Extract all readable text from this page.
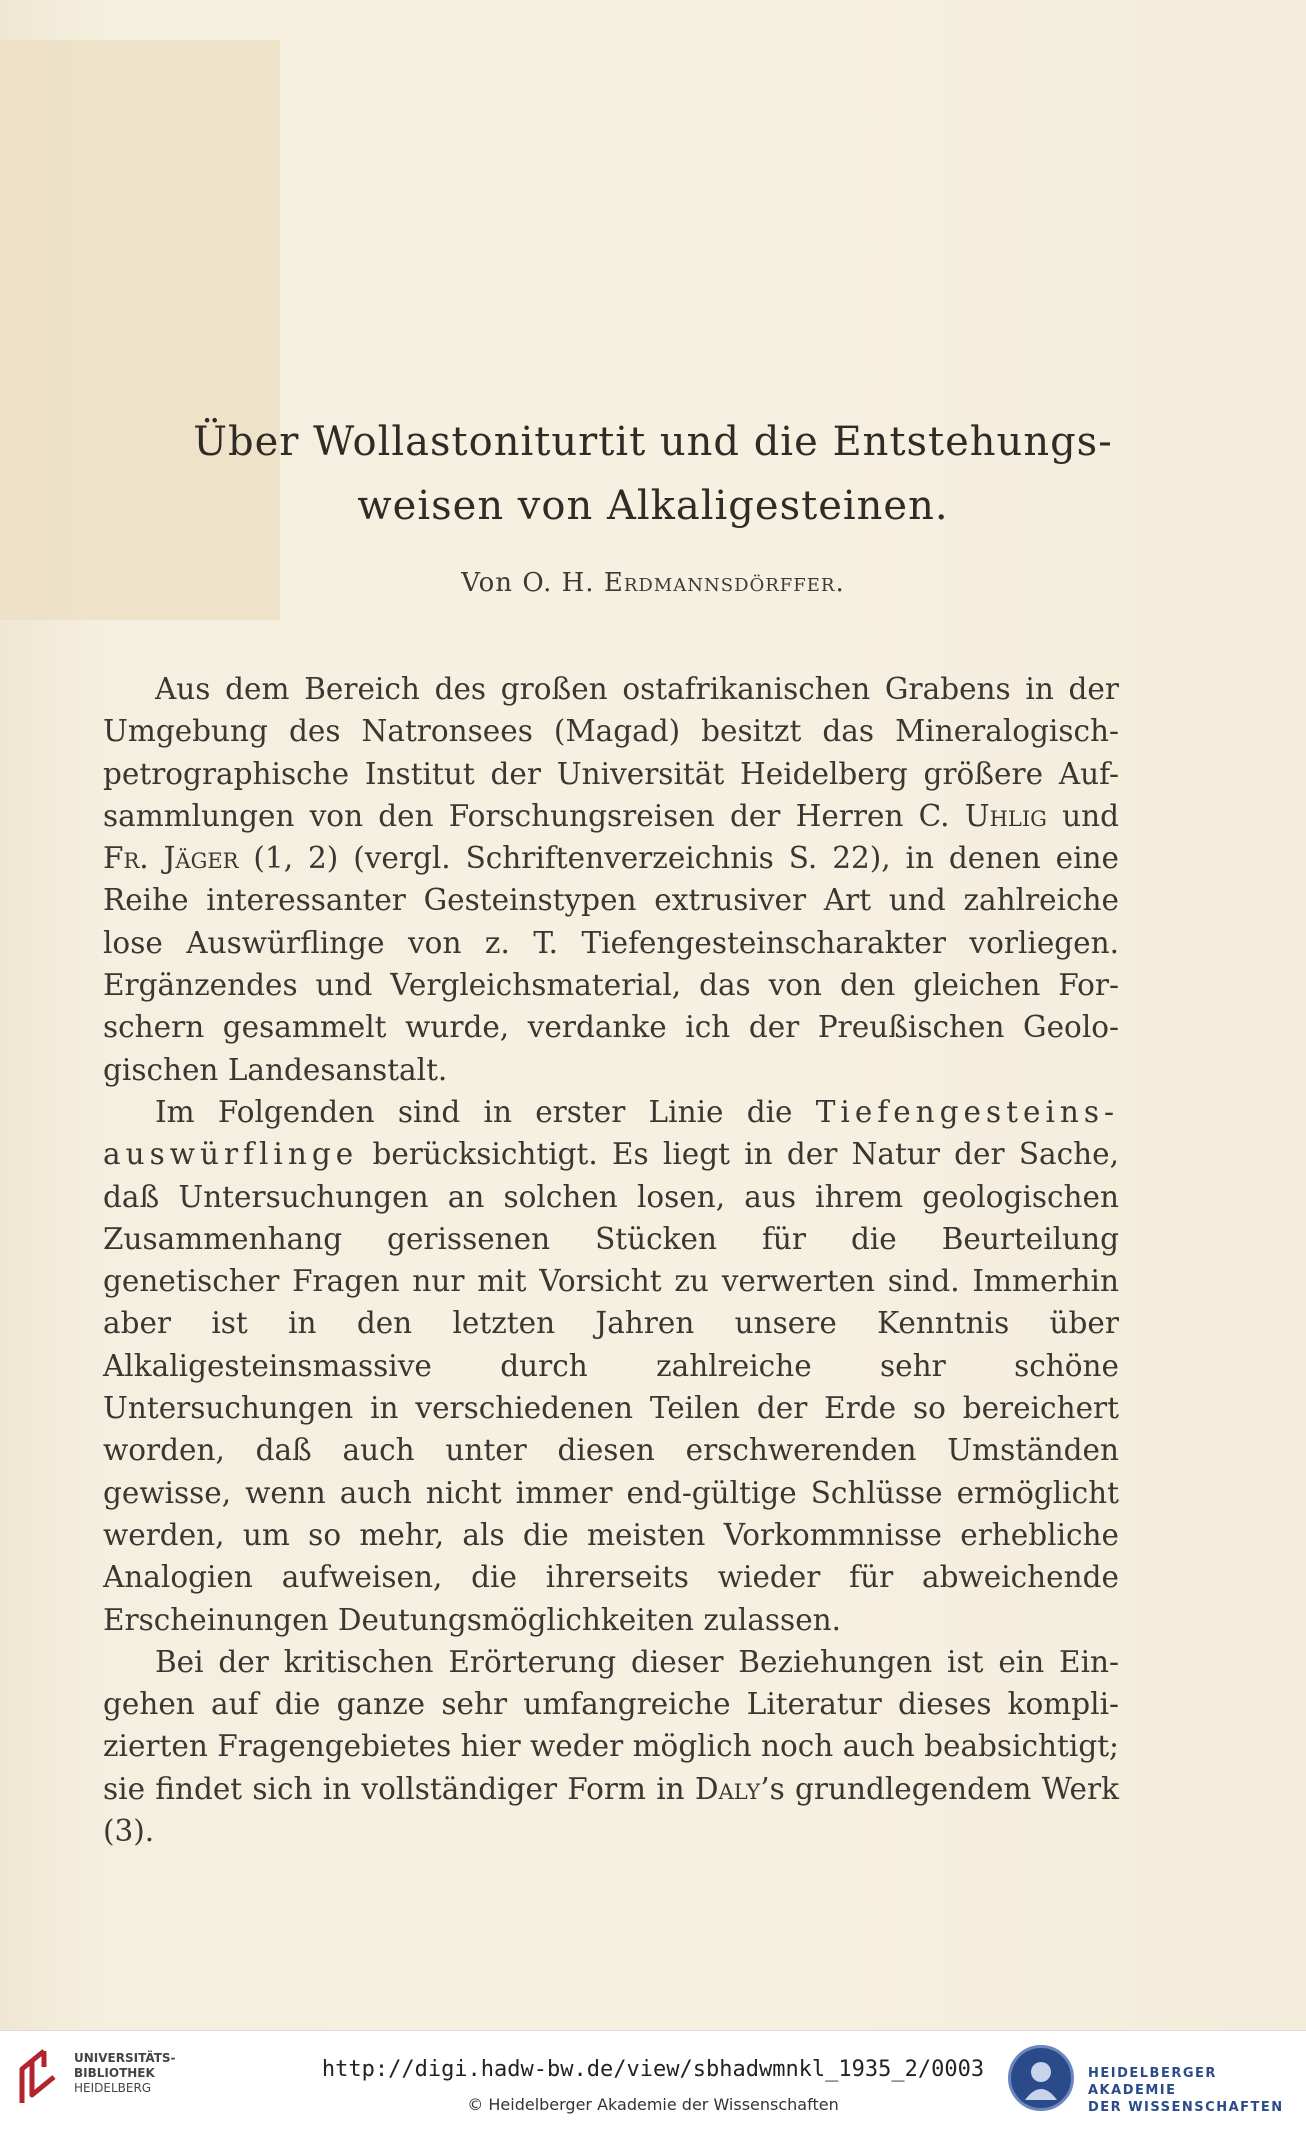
Über Wollastoniturtit und die Entstehungs-
weisen von Alkaligesteinen.
Von O. H. Erdmannsdörffer.

Aus dem Bereich des großen ostafrikanischen Grabens in der Umgebung des Natronsees (Magad) besitzt das Mineralogisch-petrographische Institut der Universität Heidelberg größere Auf-sammlungen von den Forschungsreisen der Herren C. Uhlig und Fr. Jäger (1, 2) (vergl. Schriftenverzeichnis S. 22), in denen eine Reihe interessanter Gesteinstypen extrusiver Art und zahlreiche lose Auswürflinge von z. T. Tiefengesteinscharakter vorliegen. Ergänzendes und Vergleichsmaterial, das von den gleichen For-schern gesammelt wurde, verdanke ich der Preußischen Geolo-gischen Landesanstalt.

Im Folgenden sind in erster Linie die Tiefengesteins-auswürflinge berücksichtigt. Es liegt in der Natur der Sache, daß Untersuchungen an solchen losen, aus ihrem geologischen Zusammenhang gerissenen Stücken für die Beurteilung genetischer Fragen nur mit Vorsicht zu verwerten sind. Immerhin aber ist in den letzten Jahren unsere Kenntnis über Alkaligesteinsmassive durch zahlreiche sehr schöne Untersuchungen in verschiedenen Teilen der Erde so bereichert worden, daß auch unter diesen erschwerenden Umständen gewisse, wenn auch nicht immer end-gültige Schlüsse ermöglicht werden, um so mehr, als die meisten Vorkommnisse erhebliche Analogien aufweisen, die ihrerseits wieder für abweichende Erscheinungen Deutungsmöglichkeiten zulassen.

Bei der kritischen Erörterung dieser Beziehungen ist ein Ein-gehen auf die ganze sehr umfangreiche Literatur dieses kompli-zierten Fragengebietes hier weder möglich noch auch beabsichtigt; sie findet sich in vollständiger Form in Daly’s grundlegendem Werk (3).

UNIVERSITÄTS-
BIBLIOTHEK
HEIDELBERG
http://digi.hadw-bw.de/view/sbhadwmnkl_1935_2/0003
© Heidelberger Akademie der Wissenschaften
HEIDELBERGER AKADEMIE
DER WISSENSCHAFTEN
